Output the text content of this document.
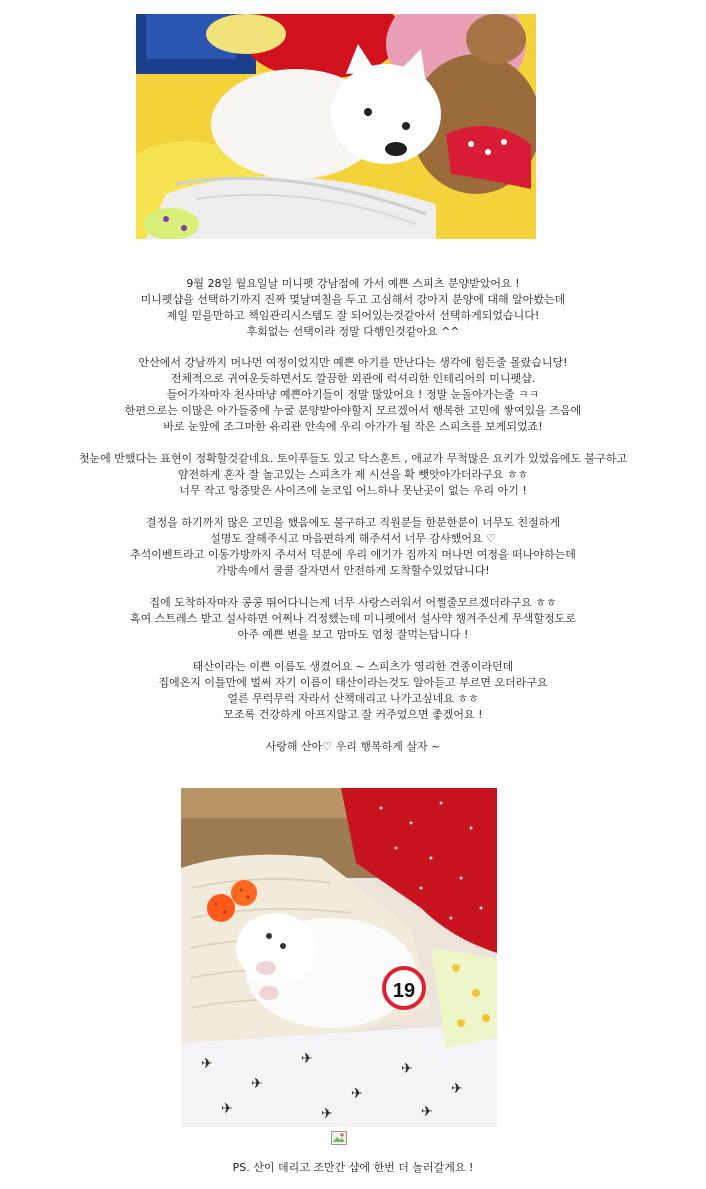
9월 28일 월요일날 미니펫 강남점에 가서 예쁜 스피츠 분양받았어요 !
미니펫샵을 선택하기까지 진짜 몇날며칠을 두고 고심해서 강아지 분양에 대해 알아봤는데
제일 믿을만하고 책임관리시스템도 잘 되어있는것같아서 선택하게되었습니다!
후회없는 선택이라 정말 다행인것같아요 ^^
안산에서 강남까지 머나먼 여정이었지만 예쁜 아기를 만난다는 생각에 힘든줄 몰랐습니당!
전체적으로 귀여운듯하면서도 깔끔한 외관에 럭셔리한 인테리어의 미니펫샵.
들어가자마자 천사마냥 예쁜아기들이 정말 많았어요 ! 정말 눈돌아가는줄 ㅋㅋ
한편으로는 이많은 아가들중에 누굴 분양받아야할지 모르겠어서 행복한 고민에 쌓여있을 즈음에
바로 눈앞에 조그마한 유리관 안속에 우리 아가가 될 작은 스피츠를 보게되었죠!
첫눈에 반했다는 표현이 정확할것같네요. 토이푸들도 있고 닥스훈트 , 애교가 무척많은 요키가 있었음에도 불구하고
얌전하게 혼자 잘 놀고있는 스피츠가 제 시선을 확 뺏앗아가더라구요 ㅎㅎ
너무 작고 앙증맞은 사이즈에 눈코입 어느하나 못난곳이 없는 우리 아기 !
결정을 하기까지 많은 고민을 했음에도 불구하고 직원분들 한분한분이 너무도 친절하게
설명도 잘해주시고 마음편하게 해주셔서 너무 감사했어요 ♡
추석이벤트라고 이동가방까지 주셔서 덕분에 우리 애기가 집까지 머나먼 여정을 떠나야하는데
가방속에서 쿨쿨 잘자면서 안전하게 도착할수있었답니다!
집에 도착하자마자 콩콩 뛰어다니는게 너무 사랑스러워서 어쩔줄모르겠더라구요 ㅎㅎ
혹여 스트레스 받고 설사하면 어쩌나 걱정했는데 미니펫에서 설사약 챙겨주신게 무색할정도로
아주 예쁜 변을 보고 맘마도 엄청 잘먹는답니다 !
태산이라는 이쁜 이름도 생겼어요 ~ 스피츠가 영리한 견종이라던데
집에온지 이틀만에 벌써 자기 이름이 태산이라는것도 알아듣고 부르면 오더라구요
얼른 무럭무럭 자라서 산책데리고 나가고싶네요 ㅎㅎ
모조록 건강하게 아프지않고 잘 커주었으면 좋겠어요 !
사랑해 산아♡ 우리 행복하게 살자 ~
✈
✈
✈
✈
✈
✈
✈	✈	✈
19
PS. 산이 데리고 조만간 샵에 한번 더 놀러갈게요 !
